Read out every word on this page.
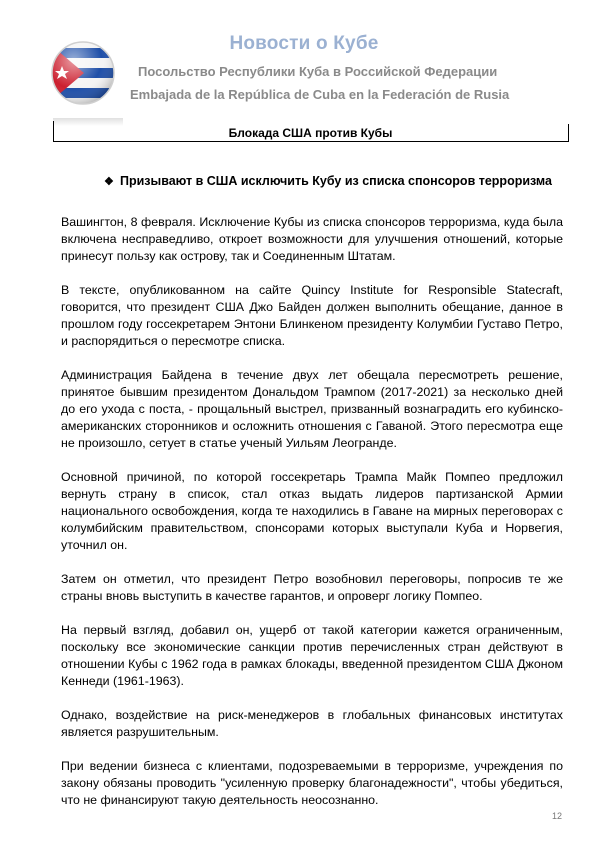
Новости о Кубе
Посольство Республики Куба в Российской Федерации
Embajada de la República de Cuba en la Federación de Rusia
Блокада США против Кубы
❖ Призывают в США исключить Кубу из списка спонсоров терроризма

Вашингтон, 8 февраля. Исключение Кубы из списка спонсоров терроризма, куда была включена несправедливо, откроет возможности для улучшения отношений, которые принесут пользу как острову, так и Соединенным Штатам.

В тексте, опубликованном на сайте Quincy Institute for Responsible Statecraft, говорится, что президент США Джо Байден должен выполнить обещание, данное в прошлом году госсекретарем Энтони Блинкеном президенту Колумбии Густаво Петро, и распорядиться о пересмотре списка.

Администрация Байдена в течение двух лет обещала пересмотреть решение, принятое бывшим президентом Дональдом Трампом (2017-2021) за несколько дней до его ухода с поста, - прощальный выстрел, призванный вознаградить его кубинско-американских сторонников и осложнить отношения с Гаваной. Этого пересмотра еще не произошло, сетует в статье ученый Уильям Леогранде.

Основной причиной, по которой госсекретарь Трампа Майк Помпео предложил вернуть страну в список, стал отказ выдать лидеров партизанской Армии национального освобождения, когда те находились в Гаване на мирных переговорах с колумбийским правительством, спонсорами которых выступали Куба и Норвегия, уточнил он.

Затем он отметил, что президент Петро возобновил переговоры, попросив те же страны вновь выступить в качестве гарантов, и опроверг логику Помпео.

На первый взгляд, добавил он, ущерб от такой категории кажется ограниченным, поскольку все экономические санкции против перечисленных стран действуют в отношении Кубы с 1962 года в рамках блокады, введенной президентом США Джоном Кеннеди (1961-1963).

Однако, воздействие на риск-менеджеров в глобальных финансовых институтах является разрушительным.

При ведении бизнеса с клиентами, подозреваемыми в терроризме, учреждения по закону обязаны проводить "усиленную проверку благонадежности", чтобы убедиться, что не финансируют такую деятельность неосознанно.

12
